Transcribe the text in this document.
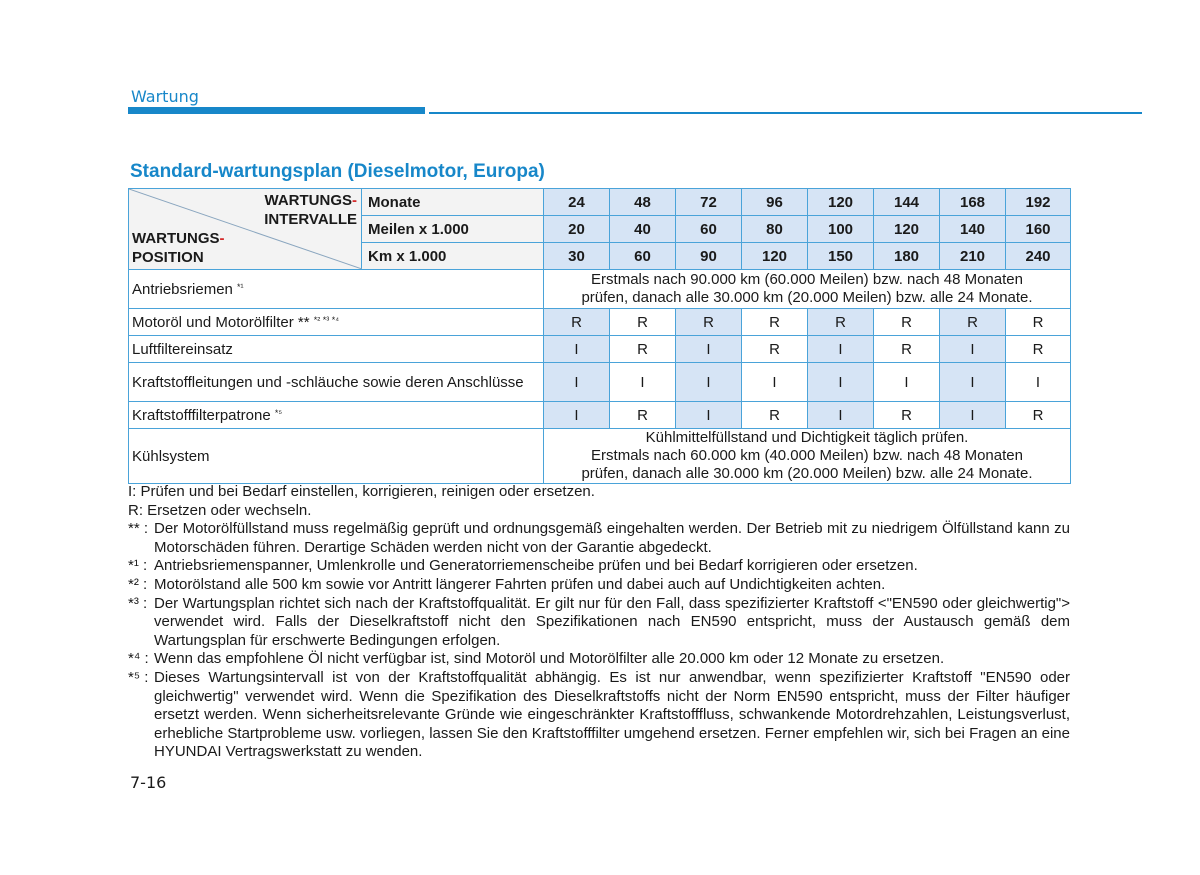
Wartung
Standard-wartungsplan (Dieselmotor, Europa)
WARTUNGS-
INTERVALLE
WARTUNGS-
POSITION	Monate	24	48	72	96	120	144	168	192
	Meilen x 1.000	20	40	60	80	100	120	140	160
	Km x 1.000	30	60	90	120	150	180	210	240
Antriebsriemen $^{*^1}$		Erstmals nach 90.000 km (60.000 Meilen) bzw. nach 48 Monaten
prüfen, danach alle 30.000 km (20.000 Meilen) bzw. alle 24 Monate.							

Motoröl und Motorölfilter ** $^{*^2 *^3 *^4}$		R	R	R	R	R	R	R	R
Luftfiltereinsatz		I	R	I	R	I	R	I	R
Kraftstoffleitungen und -schläuche sowie deren Anschlüsse		I	I	I	I	I	I	I	I
Kraftstofffilterpatrone $^{*^5}$		I	R	I	R	I	R	I	R
Kühlsystem		Kühlmittelfüllstand und Dichtigkeit täglich prüfen.
Erstmals nach 60.000 km (40.000 Meilen) bzw. nach 48 Monaten
prüfen, danach alle 30.000 km (20.000 Meilen) bzw. alle 24 Monate.							
I: Prüfen und bei Bedarf einstellen, korrigieren, reinigen oder ersetzen.
R: Ersetzen oder wechseln.
** : Der Motorölfüllstand muss regelmäßig geprüft und ordnungsgemäß eingehalten werden. Der Betrieb mit zu niedrigem Ölfüllstand kann zu Motorschäden führen. Derartige Schäden werden nicht von der Garantie abgedeckt.
*¹ : Antriebsriemenspanner, Umlenkrolle und Generatorriemenscheibe prüfen und bei Bedarf korrigieren oder ersetzen.
*² : Motorölstand alle 500 km sowie vor Antritt längerer Fahrten prüfen und dabei auch auf Undichtigkeiten achten.
*³ : Der Wartungsplan richtet sich nach der Kraftstoffqualität. Er gilt nur für den Fall, dass spezifizierter Kraftstoff <"EN590 oder gleichwertig"> verwendet wird. Falls der Dieselkraftstoff nicht den Spezifikationen nach EN590 entspricht, muss der Austausch gemäß dem Wartungsplan für erschwerte Bedingungen erfolgen.
*⁴ : Wenn das empfohlene Öl nicht verfügbar ist, sind Motoröl und Motorölfilter alle 20.000 km oder 12 Monate zu ersetzen.
*⁵ : Dieses Wartungsintervall ist von der Kraftstoffqualität abhängig. Es ist nur anwendbar, wenn spezifizierter Kraftstoff "EN590 oder gleichwertig" verwendet wird. Wenn die Spezifikation des Dieselkraftstoffs nicht der Norm EN590 entspricht, muss der Filter häufiger ersetzt werden. Wenn sicherheitsrelevante Gründe wie eingeschränkter Kraftstofffluss, schwankende Motordrehzahlen, Leistungsverlust, erhebliche Startprobleme usw. vorliegen, lassen Sie den Kraftstofffilter umgehend ersetzen. Ferner empfehlen wir, sich bei Fragen an eine HYUNDAI Vertragswerkstatt zu wenden.
7-16
